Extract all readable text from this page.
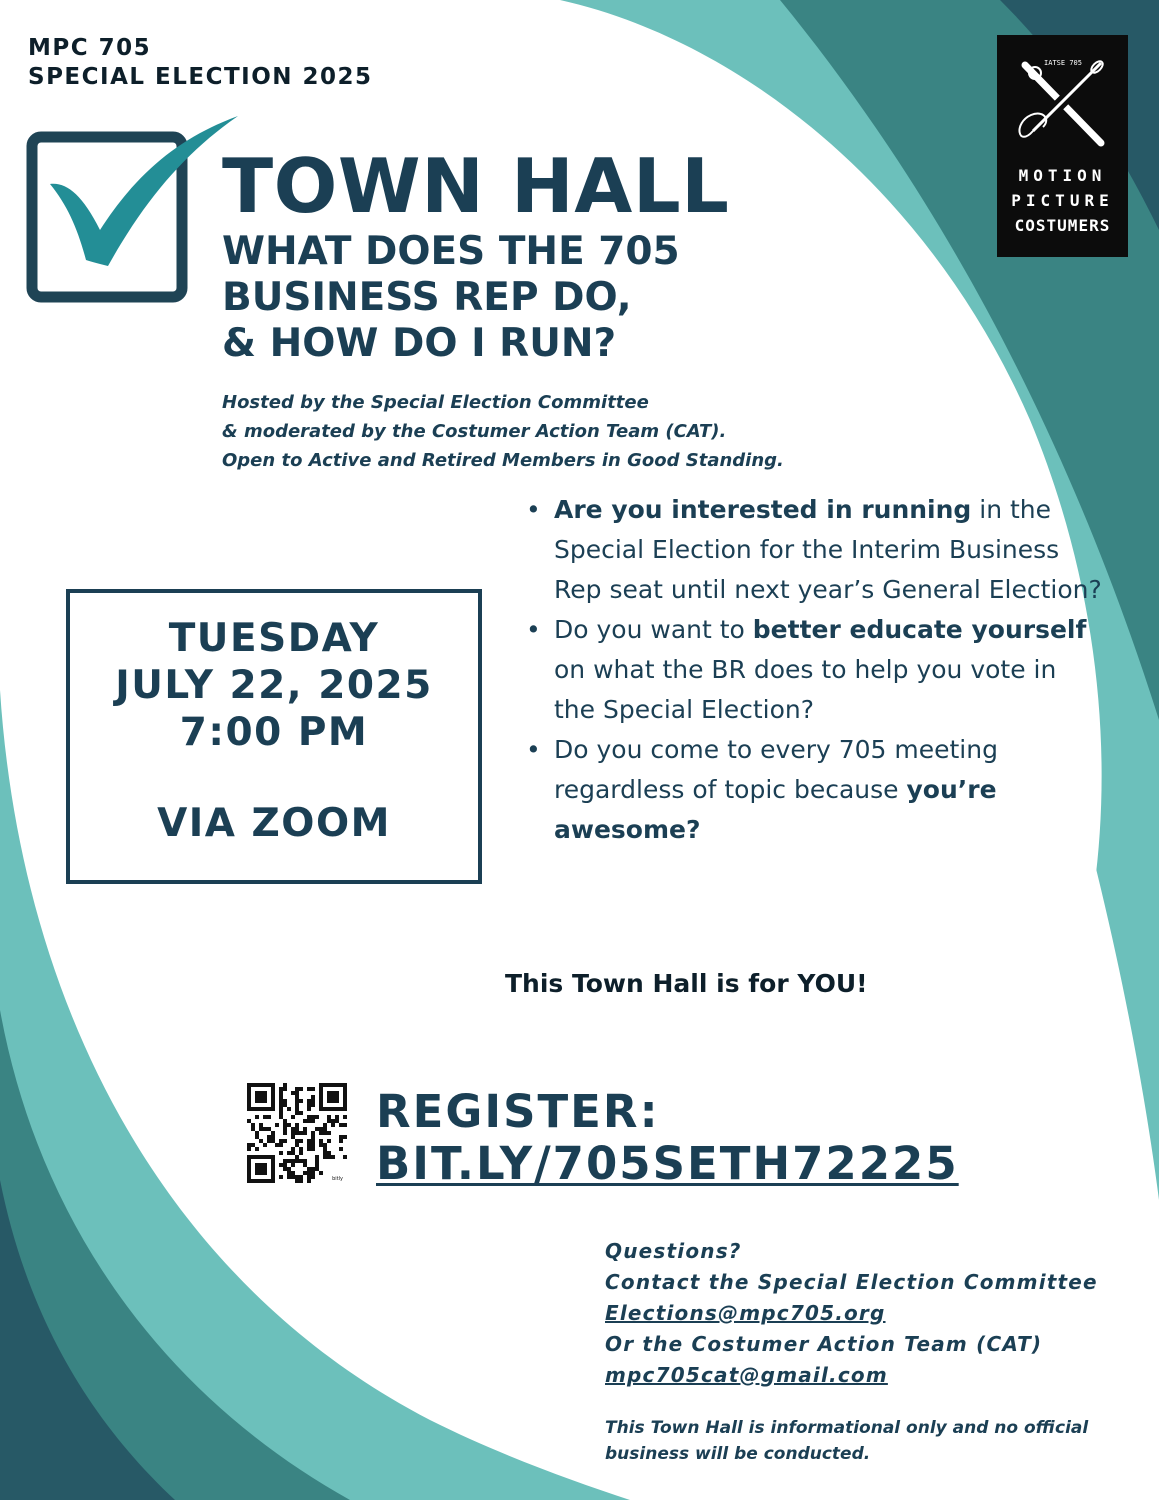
MPC 705
SPECIAL ELECTION 2025
IATSE 705
MOTION
PICTURE
COSTUMERS
TOWN HALL
WHAT DOES THE 705
BUSINESS REP DO,
& HOW DO I RUN?
Hosted by the Special Election Committee
& moderated by the Costumer Action Team (CAT).
Open to Active and Retired Members in Good Standing.
TUESDAY
JULY 22, 2025
7:00 PM
VIA ZOOM
• Are you interested in running in the Special Election for the Interim Business Rep seat until next year’s General Election?
• Do you want to better educate yourself on what the BR does to help you vote in the Special Election?
• Do you come to every 705 meeting regardless of topic because you’re awesome?
This Town Hall is for YOU!
bitly
REGISTER:
BIT.LY/705SETH72225
Questions?
Contact the Special Election Committee
Elections@mpc705.org
Or the Costumer Action Team (CAT)
mpc705cat@gmail.com
This Town Hall is informational only and no official
business will be conducted.
